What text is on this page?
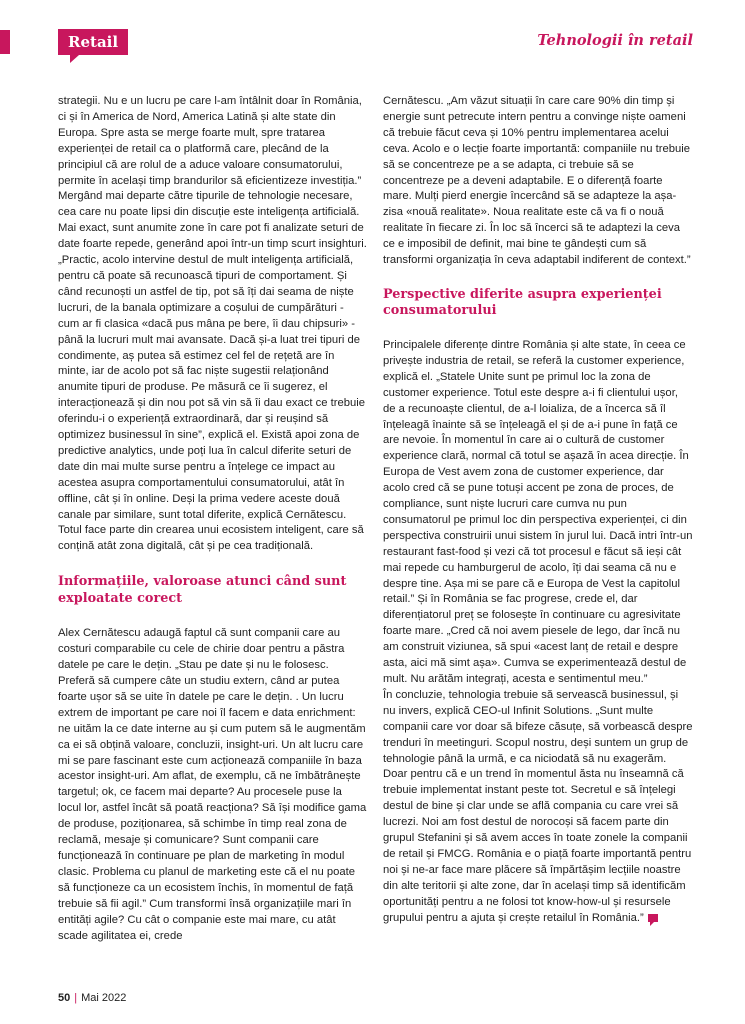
Retail	Tehnologii în retail

strategii. Nu e un lucru pe care l-am întâlnit doar în România, ci și în America de Nord, America Latină și alte state din Europa. Spre asta se merge foarte mult, spre tratarea experienței de retail ca o platformă care, plecând de la principiul că are rolul de a aduce valoare consumatorului, permite în același timp brandurilor să eficientizeze investiția.”

Mergând mai departe către tipurile de tehnologie necesare, cea care nu poate lipsi din discuție este inteligența artificială. Mai exact, sunt anumite zone în care pot fi analizate seturi de date foarte repede, generând apoi într-un timp scurt insighturi. „Practic, acolo intervine destul de mult inteligența artificială, pentru că poate să recunoască tipuri de comportament. Și când recunoști un astfel de tip, pot să îți dai seama de niște lucruri, de la banala optimizare a coșului de cumpărături - cum ar fi clasica «dacă pus mâna pe bere, îi dau chipsuri» - până la lucruri mult mai avansate. Dacă și-a luat trei tipuri de condimente, aș putea să estimez cel fel de rețetă are în minte, iar de acolo pot să fac niște sugestii relaționând anumite tipuri de produse. Pe măsură ce îi sugerez, el interacționează și din nou pot să vin să îi dau exact ce trebuie oferindu-i o experiență extraordinară, dar și reușind să optimizez businessul în sine”, explică el. Există apoi zona de predictive analytics, unde poți lua în calcul diferite seturi de date din mai multe surse pentru a înțelege ce impact au acestea asupra comportamentului consumatorului, atât în offline, cât și în online. Deși la prima vedere aceste două canale par similare, sunt total diferite, explică Cernătescu. Totul face parte din crearea unui ecosistem inteligent, care să conțină atât zona digitală, cât și pe cea tradițională.

Informațiile, valoroase atunci când sunt exploatate corect

Alex Cernătescu adaugă faptul că sunt companii care au costuri comparabile cu cele de chirie doar pentru a păstra datele pe care le dețin. „Stau pe date și nu le folosesc. Preferă să cumpere câte un studiu extern, când ar putea foarte ușor să se uite în datele pe care le dețin. . Un lucru extrem de important pe care noi îl facem e data enrichment: ne uităm la ce date interne au și cum putem să le augmentăm ca ei să obțină valoare, concluzii, insight-uri. Un alt lucru care mi se pare fascinant este cum acționează companiile în baza acestor insight-uri. Am aflat, de exemplu, că ne îmbătrânește targetul; ok, ce facem mai departe? Au procesele puse la locul lor, astfel încât să poată reacționa? Să își modifice gama de produse, poziționarea, să schimbe în timp real zona de reclamă, mesaje și comunicare? Sunt companii care funcționează în continuare pe plan de marketing în modul clasic. Problema cu planul de marketing este că el nu poate să funcționeze ca un ecosistem închis, în momentul de față trebuie să fii agil.” Cum transformi însă organizațiile mari în entități agile? Cu cât o companie este mai mare, cu atât scade agilitatea ei, crede

Cernătescu. „Am văzut situații în care care 90% din timp și energie sunt petrecute intern pentru a convinge niște oameni că trebuie făcut ceva și 10% pentru implementarea acelui ceva. Acolo e o lecție foarte importantă: companiile nu trebuie să se concentreze pe a se adapta, ci trebuie să se concentreze pe a deveni adaptabile. E o diferență foarte mare. Mulți pierd energie încercând să se adapteze la așa-zisa «nouă realitate». Noua realitate este că va fi o nouă realitate în fiecare zi. În loc să încerci să te adaptezi la ceva ce e imposibil de definit, mai bine te gândești cum să transformi organizația în ceva adaptabil indiferent de context.”

Perspective diferite asupra experienței consumatorului

Principalele diferențe dintre România și alte state, în ceea ce privește industria de retail, se referă la customer experience, explică el. „Statele Unite sunt pe primul loc la zona de customer experience. Totul este despre a-i fi clientului ușor, de a recunoaște clientul, de a-l loializa, de a încerca să îl înțeleagă înainte să se înțeleagă el și de a-i pune în față ce are nevoie. În momentul în care ai o cultură de customer experience clară, normal că totul se așază în acea direcție. În Europa de Vest avem zona de customer experience, dar acolo cred că se pune totuși accent pe zona de proces, de compliance, sunt niște lucruri care cumva nu pun consumatorul pe primul loc din perspectiva experienței, ci din perspectiva construirii unui sistem în jurul lui. Dacă intri într-un restaurant fast-food și vezi că tot procesul e făcut să ieși cât mai repede cu hamburgerul de acolo, îți dai seama că nu e despre tine. Așa mi se pare că e Europa de Vest la capitolul retail.” Și în România se fac progrese, crede el, dar diferențiatorul preț se folosește în continuare cu agresivitate foarte mare. „Cred că noi avem piesele de lego, dar încă nu am construit viziunea, să spui «acest lanț de retail e despre asta, aici mă simt așa». Cumva se experimentează destul de mult. Nu arătăm integrați, acesta e sentimentul meu.”

În concluzie, tehnologia trebuie să servească businessul, și nu invers, explică CEO-ul Infinit Solutions. „Sunt multe companii care vor doar să bifeze căsuțe, să vorbească despre trenduri în meetinguri. Scopul nostru, deși suntem un grup de tehnologie până la urmă, e ca niciodată să nu exagerăm. Doar pentru că e un trend în momentul ăsta nu înseamnă că trebuie implementat instant peste tot. Secretul e să înțelegi destul de bine și clar unde se află compania cu care vrei să lucrezi. Noi am fost destul de norocoși să facem parte din grupul Stefanini și să avem acces în toate zonele la companii de retail și FMCG. România e o piață foarte importantă pentru noi și ne-ar face mare plăcere să împărtășim lecțiile noastre din alte teritorii și alte zone, dar în același timp să identificăm oportunități pentru a ne folosi tot know-how-ul și resursele grupului pentru a ajuta și crește retailul în România.”

50 | Mai 2022
